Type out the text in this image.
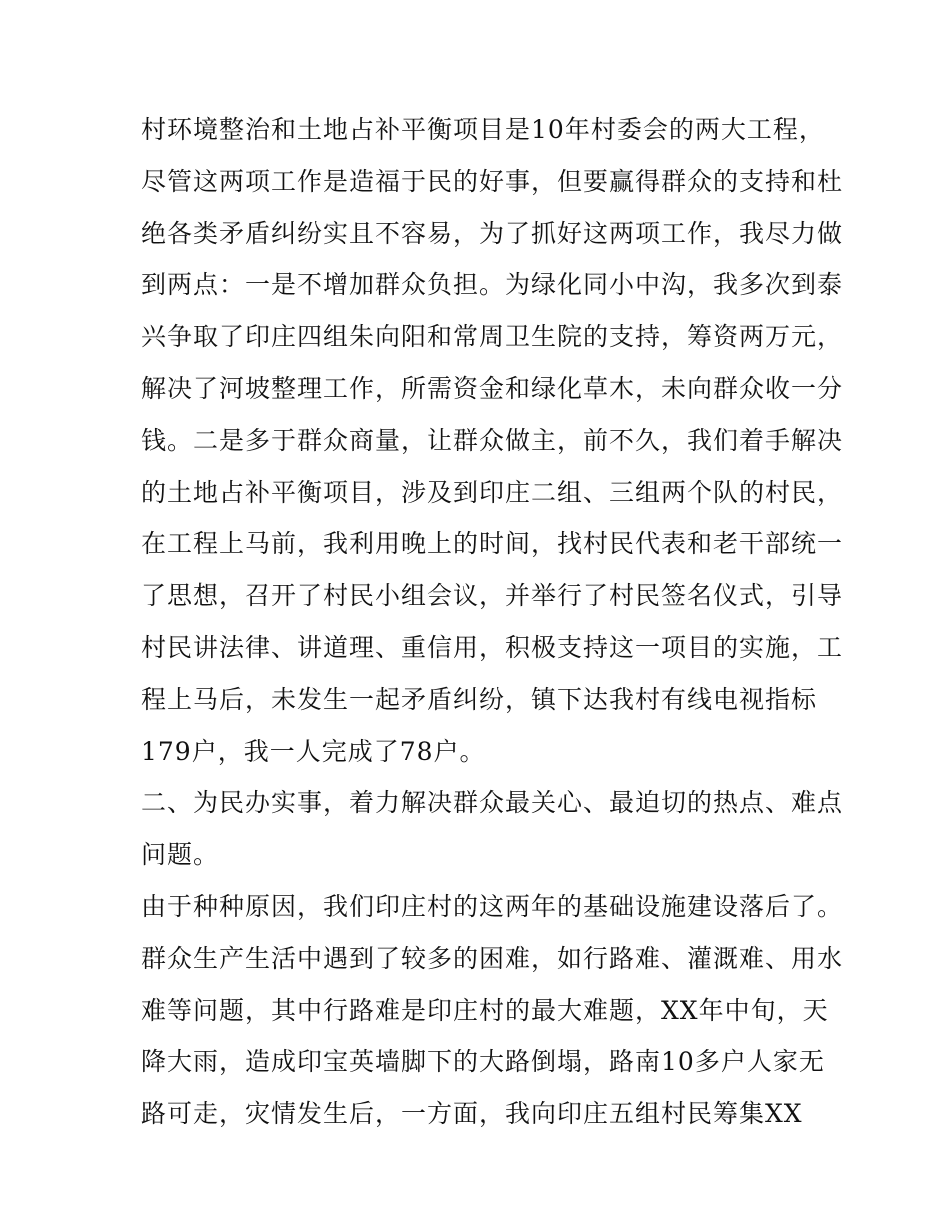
村环境整治和土地占补平衡项目是10年村委会的两大工程，
尽管这两项工作是造福于民的好事，但要赢得群众的支持和杜
绝各类矛盾纠纷实且不容易，为了抓好这两项工作，我尽力做
到两点：一是不增加群众负担。为绿化同小中沟，我多次到泰
兴争取了印庄四组朱向阳和常周卫生院的支持，筹资两万元，
解决了河坡整理工作，所需资金和绿化草木，未向群众收一分
钱。二是多于群众商量，让群众做主，前不久，我们着手解决
的土地占补平衡项目，涉及到印庄二组、三组两个队的村民，
在工程上马前，我利用晚上的时间，找村民代表和老干部统一
了思想，召开了村民小组会议，并举行了村民签名仪式，引导
村民讲法律、讲道理、重信用，积极支持这一项目的实施，工
程上马后，未发生一起矛盾纠纷，镇下达我村有线电视指标
179户，我一人完成了78户。
二、为民办实事，着力解决群众最关心、最迫切的热点、难点
问题。
由于种种原因，我们印庄村的这两年的基础设施建设落后了。
群众生产生活中遇到了较多的困难，如行路难、灌溉难、用水
难等问题，其中行路难是印庄村的最大难题，XX年中旬，天
降大雨，造成印宝英墙脚下的大路倒塌，路南10多户人家无
路可走，灾情发生后，一方面，我向印庄五组村民筹集XX
